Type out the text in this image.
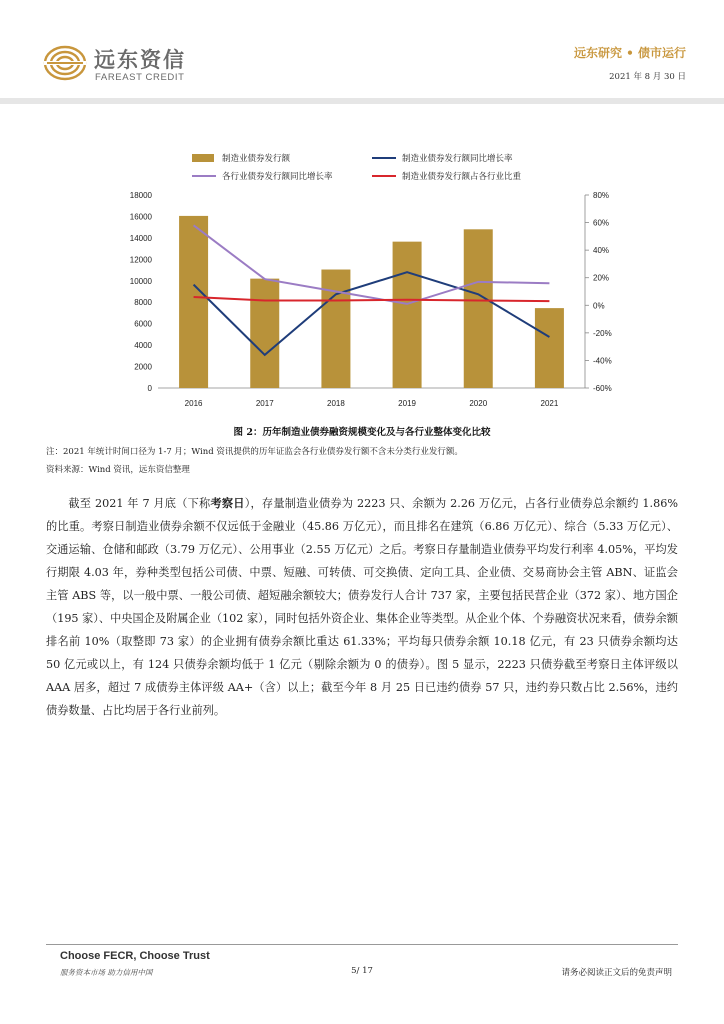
远东资信
FAREAST CREDIT
远东研究 • 债市运行
2021 年 8 月 30 日
0
2000
4000
6000
8000
10000
12000
14000
16000
18000
-60%
-40%
-20%
0%
20%
40%
60%
80%
2016	2017	2018	2019	2020	2021
制造业债券发行额	制造业债券发行额同比增长率
各行业债券发行额同比增长率	制造业债券发行额占各行业比重
图 2：历年制造业债券融资规模变化及与各行业整体变化比较
注：2021 年统计时间口径为 1-7 月；Wind 资讯提供的历年证监会各行业债券发行额不含未分类行业发行额。
资料来源：Wind 资讯，远东资信整理

截至 2021 年 7 月底（下称考察日），存量制造业债券为 2223 只、余额为 2.26 万亿元，占各行业债券总余额约 1.86%的比重。考察日制造业债券余额不仅远低于金融业（45.86 万亿元），而且排名在建筑（6.86 万亿元）、综合（5.33 万亿元）、交通运输、仓储和邮政（3.79 万亿元）、公用事业（2.55 万亿元）之后。考察日存量制造业债券平均发行利率 4.05%，平均发行期限 4.03 年，券种类型包括公司债、中票、短融、可转债、可交换债、定向工具、企业债、交易商协会主管 ABN、证监会主管 ABS 等，以一般中票、一般公司债、超短融余额较大；债券发行人合计 737 家，主要包括民营企业（372 家）、地方国企（195 家）、中央国企及附属企业（102 家），同时包括外资企业、集体企业等类型。从企业个体、个券融资状况来看，债券余额排名前 10%（取整即 73 家）的企业拥有债券余额比重达 61.33%；平均每只债券余额 10.18 亿元，有 23 只债券余额均达 50 亿元或以上，有 124 只债券余额均低于 1 亿元（剔除余额为 0 的债券）。图 5 显示，2223 只债券截至考察日主体评级以 AAA 居多，超过 7 成债券主体评级 AA+（含）以上；截至今年 8 月 25 日已违约债券 57 只，违约券只数占比 2.56%，违约债券数量、占比均居于各行业前列。

Choose FECR, Choose Trust
服务资本市场 助力信用中国	5/ 17	请务必阅读正文后的免责声明
